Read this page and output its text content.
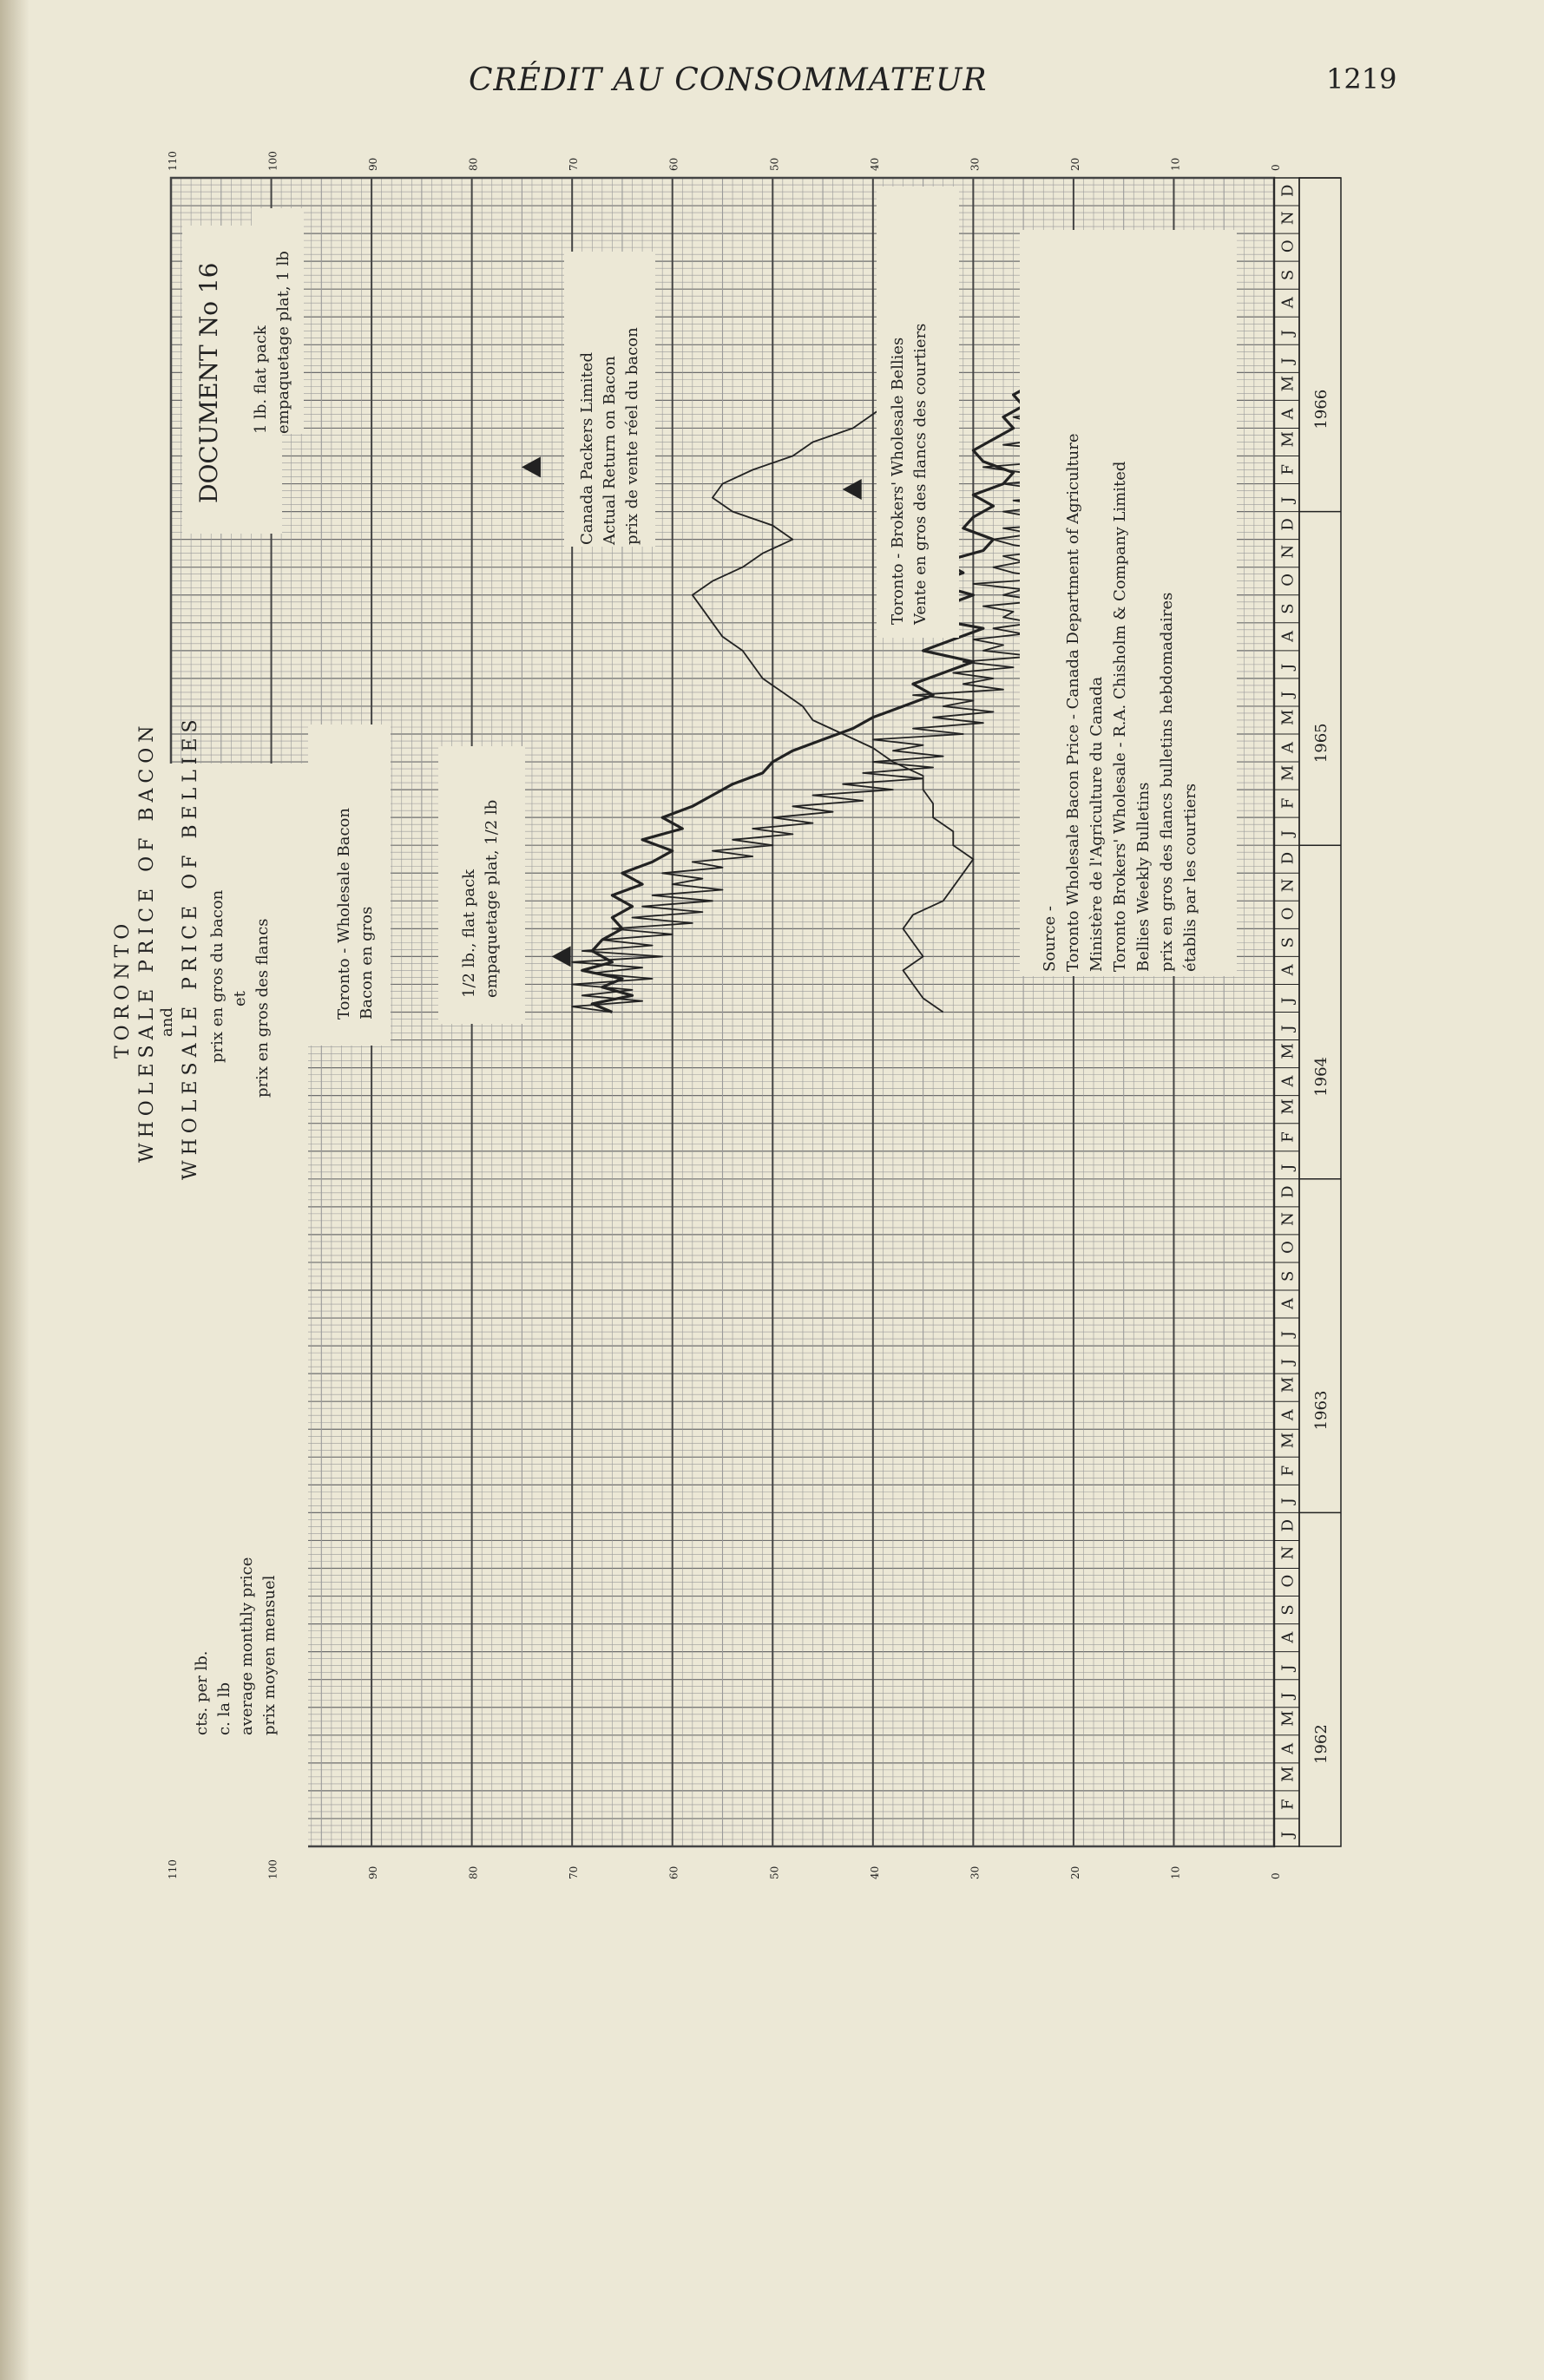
CRÉDIT AU CONSOMMATEUR	1219
0
0
10
10
20
20
30
30
40
40
50
50
60
60
70
70
80
80
90
90
100
100
110
110
J
F
M
A
M
J
J
A
S
O
N
D
J
F
M
A
M
J
J
A
S
O
N
D
J
F
M
A
M
J
J
A
S
O
N
D
J
F
M
A
M
J
J
A
S
O
N
D
J
F
M
A
M
J
J
A
S
O
N
D
1962
1963
1964
1965
1966
TORONTO WHOLESALE PRICE OF BACON and WHOLESALE PRICE OF BELLIES prix en gros du bacon et prix en gros des flancs
cts. per lb. c. la lb average monthly price prix moyen mensuel
DOCUMENT No 16 1 lb. flat pack empaquetage plat, 1 lb
Toronto - Wholesale Bacon Bacon en gros	1/2 lb., flat pack empaquetage plat, 1/2 lb
Canada Packers Limited Actual Return on Bacon prix de vente réel du bacon	Toronto - Brokers' Wholesale Bellies Vente en gros des flancs des courtiers
Source - Toronto Wholesale Bacon Price - Canada Department of Agriculture Ministère de l'Agriculture du Canada Toronto Brokers' Wholesale - R.A. Chisholm & Company Limited Bellies Weekly Bulletins prix en gros des flancs bulletins hebdomadaires établis par les courtiers
